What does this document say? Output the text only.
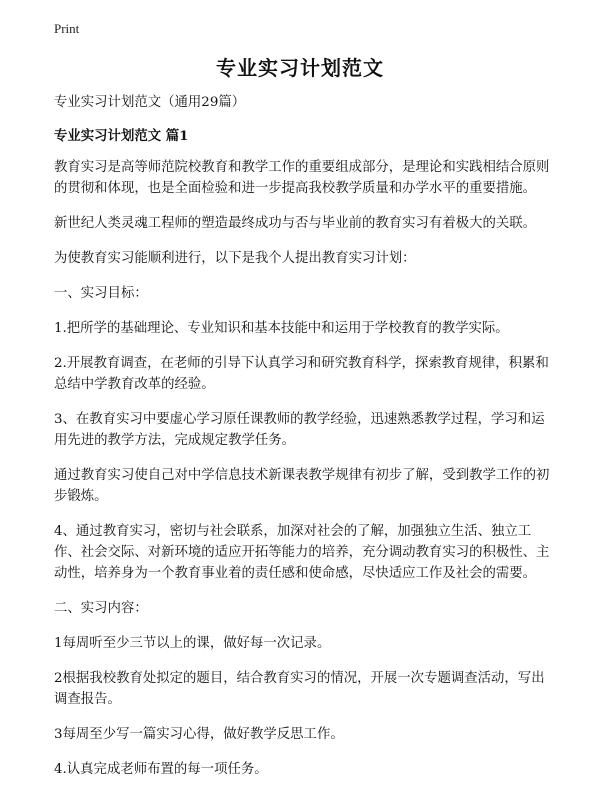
Print
专业实习计划范文

专业实习计划范文（通用29篇）

专业实习计划范文 篇1

教育实习是高等师范院校教育和教学工作的重要组成部分，是理论和实践相结合原则的贯彻和体现，也是全面检验和进一步提高我校教学质量和办学水平的重要措施。

新世纪人类灵魂工程师的塑造最终成功与否与毕业前的教育实习有着极大的关联。

为使教育实习能顺利进行，以下是我个人提出教育实习计划：

一、实习目标：

1.把所学的基础理论、专业知识和基本技能中和运用于学校教育的教学实际。

2.开展教育调查，在老师的引导下认真学习和研究教育科学，探索教育规律，积累和总结中学教育改革的经验。

3、在教育实习中要虚心学习原任课教师的教学经验，迅速熟悉教学过程，学习和运用先进的教学方法，完成规定教学任务。

通过教育实习使自己对中学信息技术新课表教学规律有初步了解，受到教学工作的初步锻炼。

4、通过教育实习，密切与社会联系，加深对社会的了解，加强独立生活、独立工作、社会交际、对新环境的适应开拓等能力的培养，充分调动教育实习的积极性、主动性，培养身为一个教育事业着的责任感和使命感，尽快适应工作及社会的需要。

二、实习内容：

1每周听至少三节以上的课，做好每一次记录。

2根据我校教育处拟定的题目，结合教育实习的情况，开展一次专题调查活动，写出调查报告。

3每周至少写一篇实习心得，做好教学反思工作。

4.认真完成老师布置的每一项任务。
